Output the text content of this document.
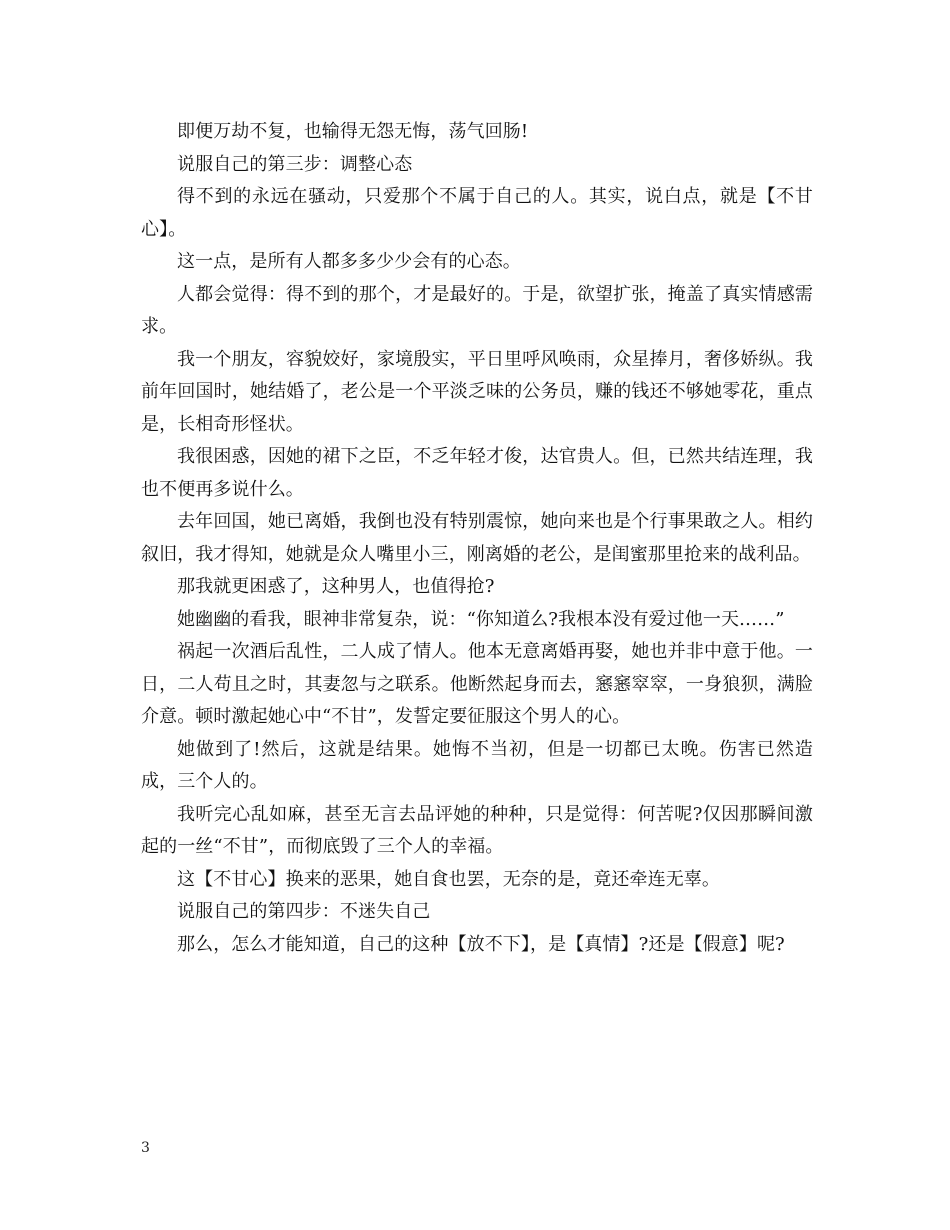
即便万劫不复，也输得无怨无悔，荡气回肠!

说服自己的第三步：调整心态

得不到的永远在骚动，只爱那个不属于自己的人。其实，说白点，就是【不甘心】。

这一点，是所有人都多多少少会有的心态。

人都会觉得：得不到的那个，才是最好的。于是，欲望扩张，掩盖了真实情感需求。

我一个朋友，容貌姣好，家境殷实，平日里呼风唤雨，众星捧月，奢侈娇纵。我前年回国时，她结婚了，老公是一个平淡乏味的公务员，赚的钱还不够她零花，重点是，长相奇形怪状。

我很困惑，因她的裙下之臣，不乏年轻才俊，达官贵人。但，已然共结连理，我也不便再多说什么。

去年回国，她已离婚，我倒也没有特别震惊，她向来也是个行事果敢之人。相约叙旧，我才得知，她就是众人嘴里小三，刚离婚的老公，是闺蜜那里抢来的战利品。

那我就更困惑了，这种男人，也值得抢?

她幽幽的看我，眼神非常复杂，说：“你知道么?我根本没有爱过他一天……”

祸起一次酒后乱性，二人成了情人。他本无意离婚再娶，她也并非中意于他。一日，二人苟且之时，其妻忽与之联系。他断然起身而去，窸窸窣窣，一身狼狈，满脸介意。顿时激起她心中“不甘”，发誓定要征服这个男人的心。

她做到了!然后，这就是结果。她悔不当初，但是一切都已太晚。伤害已然造成，三个人的。

我听完心乱如麻，甚至无言去品评她的种种，只是觉得：何苦呢?仅因那瞬间激起的一丝“不甘”，而彻底毁了三个人的幸福。

这【不甘心】换来的恶果，她自食也罢，无奈的是，竟还牵连无辜。

说服自己的第四步：不迷失自己

那么，怎么才能知道，自己的这种【放不下】，是【真情】?还是【假意】呢?

3
